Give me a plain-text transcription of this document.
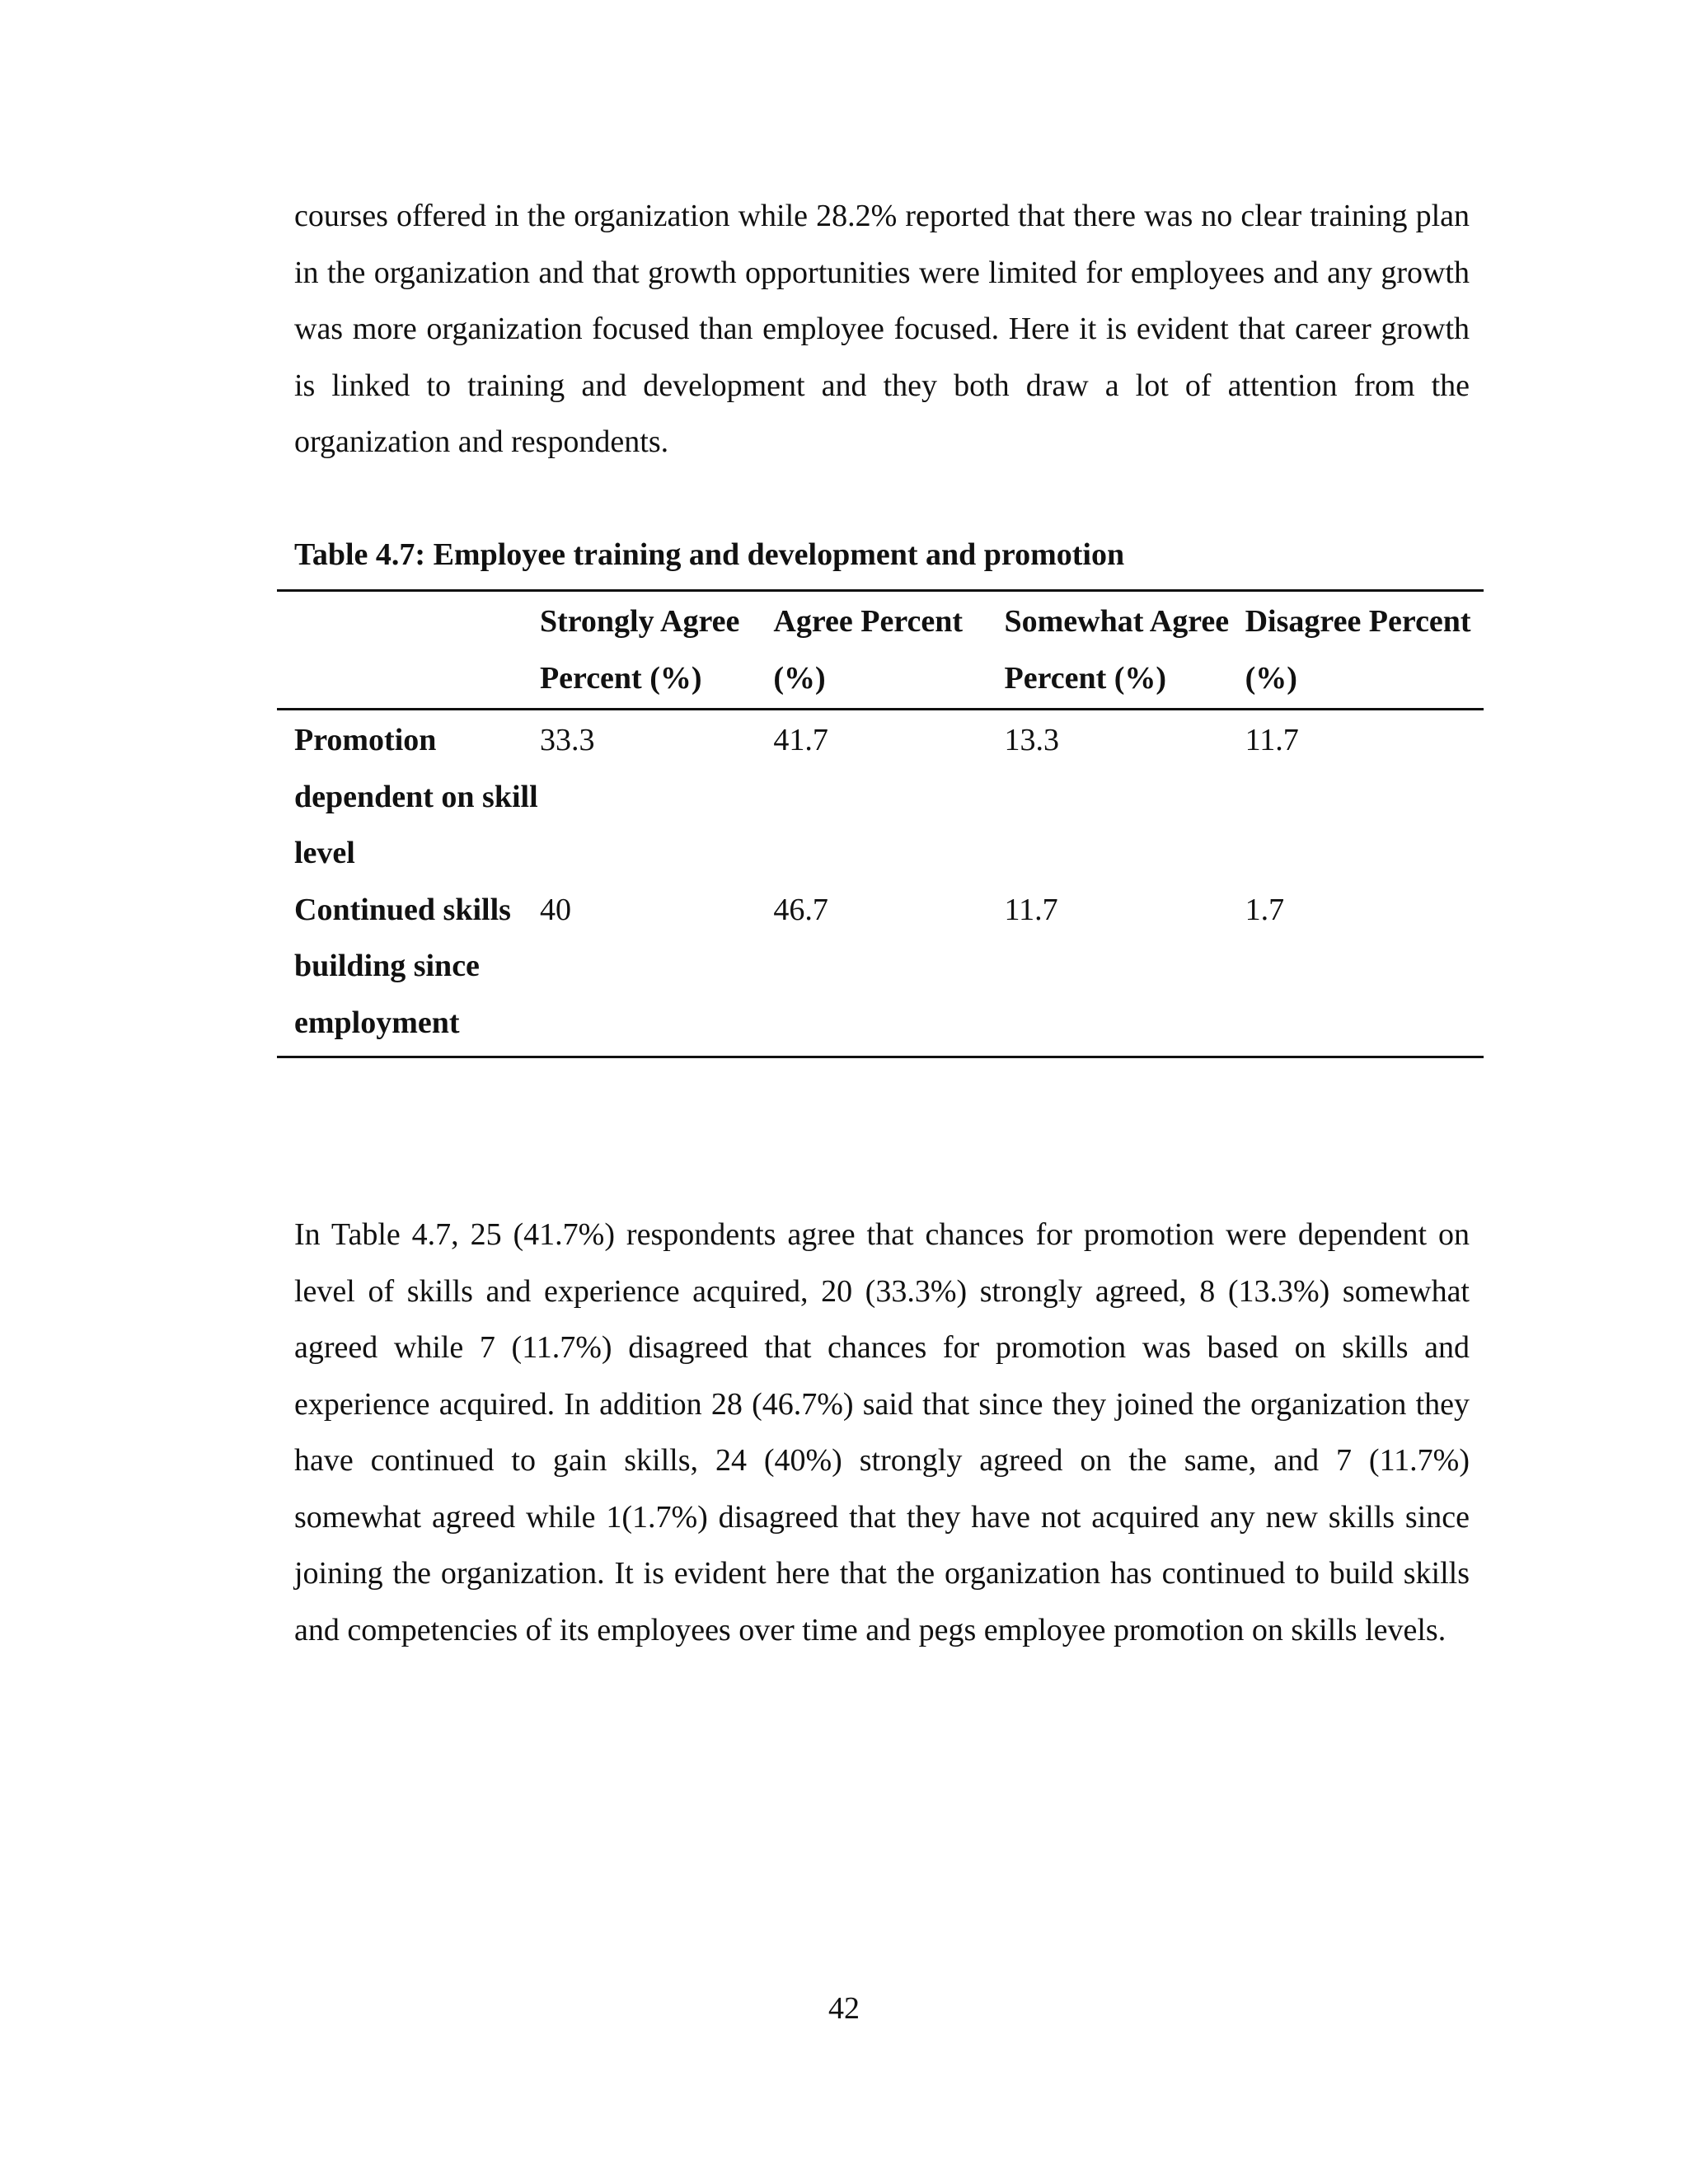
courses offered in the organization while 28.2% reported that there was no clear training plan in the organization and that growth opportunities were limited for employees and any growth was more organization focused than employee focused. Here it is evident that career growth is linked to training and development and they both draw a lot of attention from the organization and respondents.

Table 4.7: Employee training and development and promotion

	Strongly Agree Percent (%)	Agree Percent (%)	Somewhat Agree Percent (%)	Disagree Percent (%)
Promotion dependent on skill level	33.3	41.7	13.3	11.7
Continued skills building since employment	40	46.7	11.7	1.7

In Table 4.7, 25 (41.7%) respondents agree that chances for promotion were dependent on level of skills and experience acquired, 20 (33.3%) strongly agreed, 8 (13.3%) somewhat agreed while 7 (11.7%) disagreed that chances for promotion was based on skills and experience acquired. In addition 28 (46.7%) said that since they joined the organization they have continued to gain skills, 24 (40%) strongly agreed on the same, and 7 (11.7%) somewhat agreed while 1(1.7%) disagreed that they have not acquired any new skills since joining the organization. It is evident here that the organization has continued to build skills and competencies of its employees over time and pegs employee promotion on skills levels.

42
